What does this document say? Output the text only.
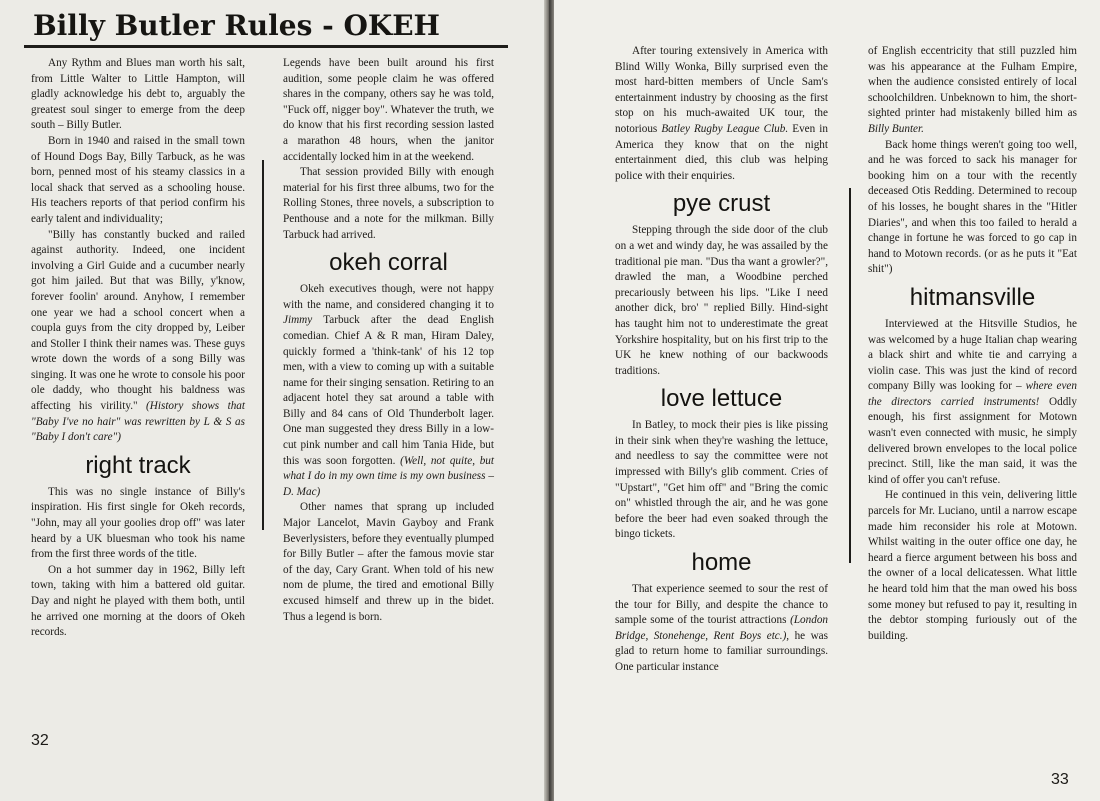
Billy Butler Rules - OKEH

Any Rythm and Blues man worth his salt, from Little Walter to Little Hampton, will gladly acknowledge his debt to, arguably the greatest soul singer to emerge from the deep south – Billy Butler.

Born in 1940 and raised in the small town of Hound Dogs Bay, Billy Tarbuck, as he was born, penned most of his steamy classics in a local shack that served as a schooling house. His teachers reports of that period confirm his early talent and individuality;

"Billy has constantly bucked and railed against authority. Indeed, one incident involving a Girl Guide and a cucumber nearly got him jailed. But that was Billy, y'know, forever foolin' around. Anyhow, I remember one year we had a school concert when a coupla guys from the city dropped by, Leiber and Stoller I think their names was. These guys wrote down the words of a song Billy was singing. It was one he wrote to console his poor ole daddy, who thought his baldness was affecting his virility." (History shows that "Baby I've no hair" was rewritten by L & S as "Baby I don't care")

right track

This was no single instance of Billy's inspiration. His first single for Okeh records, "John, may all your goolies drop off" was later heard by a UK bluesman who took his name from the first three words of the title.

On a hot summer day in 1962, Billy left town, taking with him a battered old guitar. Day and night he played with them both, until he arrived one morning at the doors of Okeh records.

Legends have been built around his first audition, some people claim he was offered shares in the company, others say he was told, "Fuck off, nigger boy". Whatever the truth, we do know that his first recording session lasted a marathon 48 hours, when the janitor accidentally locked him in at the weekend.

That session provided Billy with enough material for his first three albums, two for the Rolling Stones, three novels, a subscription to Penthouse and a note for the milkman. Billy Tarbuck had arrived.

okeh corral

Okeh executives though, were not happy with the name, and considered changing it to Jimmy Tarbuck after the dead English comedian. Chief A & R man, Hiram Daley, quickly formed a 'think-tank' of his 12 top men, with a view to coming up with a suitable name for their singing sensation. Retiring to an adjacent hotel they sat around a table with Billy and 84 cans of Old Thunderbolt lager. One man suggested they dress Billy in a low-cut pink number and call him Tania Hide, but this was soon forgotten. (Well, not quite, but what I do in my own time is my own business – D. Mac)

Other names that sprang up included Major Lancelot, Mavin Gayboy and Frank Beverlysisters, before they eventually plumped for Billy Butler – after the famous movie star of the day, Cary Grant. When told of his new nom de plume, the tired and emotional Billy excused himself and threw up in the bidet. Thus a legend is born.

32

After touring extensively in America with Blind Willy Wonka, Billy surprised even the most hard-bitten members of Uncle Sam's entertainment industry by choosing as the first stop on his much-awaited UK tour, the notorious Batley Rugby League Club. Even in America they know that on the night entertainment died, this club was helping police with their enquiries.

pye crust

Stepping through the side door of the club on a wet and windy day, he was assailed by the traditional pie man. "Dus tha want a growler?", drawled the man, a Woodbine perched precariously between his lips. "Like I need another dick, bro' " replied Billy. Hind-sight has taught him not to underestimate the great Yorkshire hospitality, but on his first trip to the UK he knew nothing of our backwoods traditions.

love lettuce

In Batley, to mock their pies is like pissing in their sink when they're washing the lettuce, and needless to say the committee were not impressed with Billy's glib comment. Cries of "Upstart", "Get him off" and "Bring the comic on" whistled through the air, and he was gone before the beer had even soaked through the bingo tickets.

home

That experience seemed to sour the rest of the tour for Billy, and despite the chance to sample some of the tourist attractions (London Bridge, Stonehenge, Rent Boys etc.), he was glad to return home to familiar surroundings. One particular instance

of English eccentricity that still puzzled him was his appearance at the Fulham Empire, when the audience consisted entirely of local schoolchildren. Unbeknown to him, the short-sighted printer had mistakenly billed him as Billy Bunter.

Back home things weren't going too well, and he was forced to sack his manager for booking him on a tour with the recently deceased Otis Redding. Determined to recoup of his losses, he bought shares in the "Hitler Diaries", and when this too failed to herald a change in fortune he was forced to go cap in hand to Motown records. (or as he puts it "Eat shit")

hitmansville

Interviewed at the Hitsville Studios, he was welcomed by a huge Italian chap wearing a black shirt and white tie and carrying a violin case. This was just the kind of record company Billy was looking for – where even the directors carried instruments! Oddly enough, his first assignment for Motown wasn't even connected with music, he simply delivered brown envelopes to the local police precinct. Still, like the man said, it was the kind of offer you can't refuse.

He continued in this vein, delivering little parcels for Mr. Luciano, until a narrow escape made him reconsider his role at Motown. Whilst waiting in the outer office one day, he heard a fierce argument between his boss and the owner of a local delicatessen. What little he heard told him that the man owed his boss some money but refused to pay it, resulting in the debtor stomping furiously out of the building.

33
